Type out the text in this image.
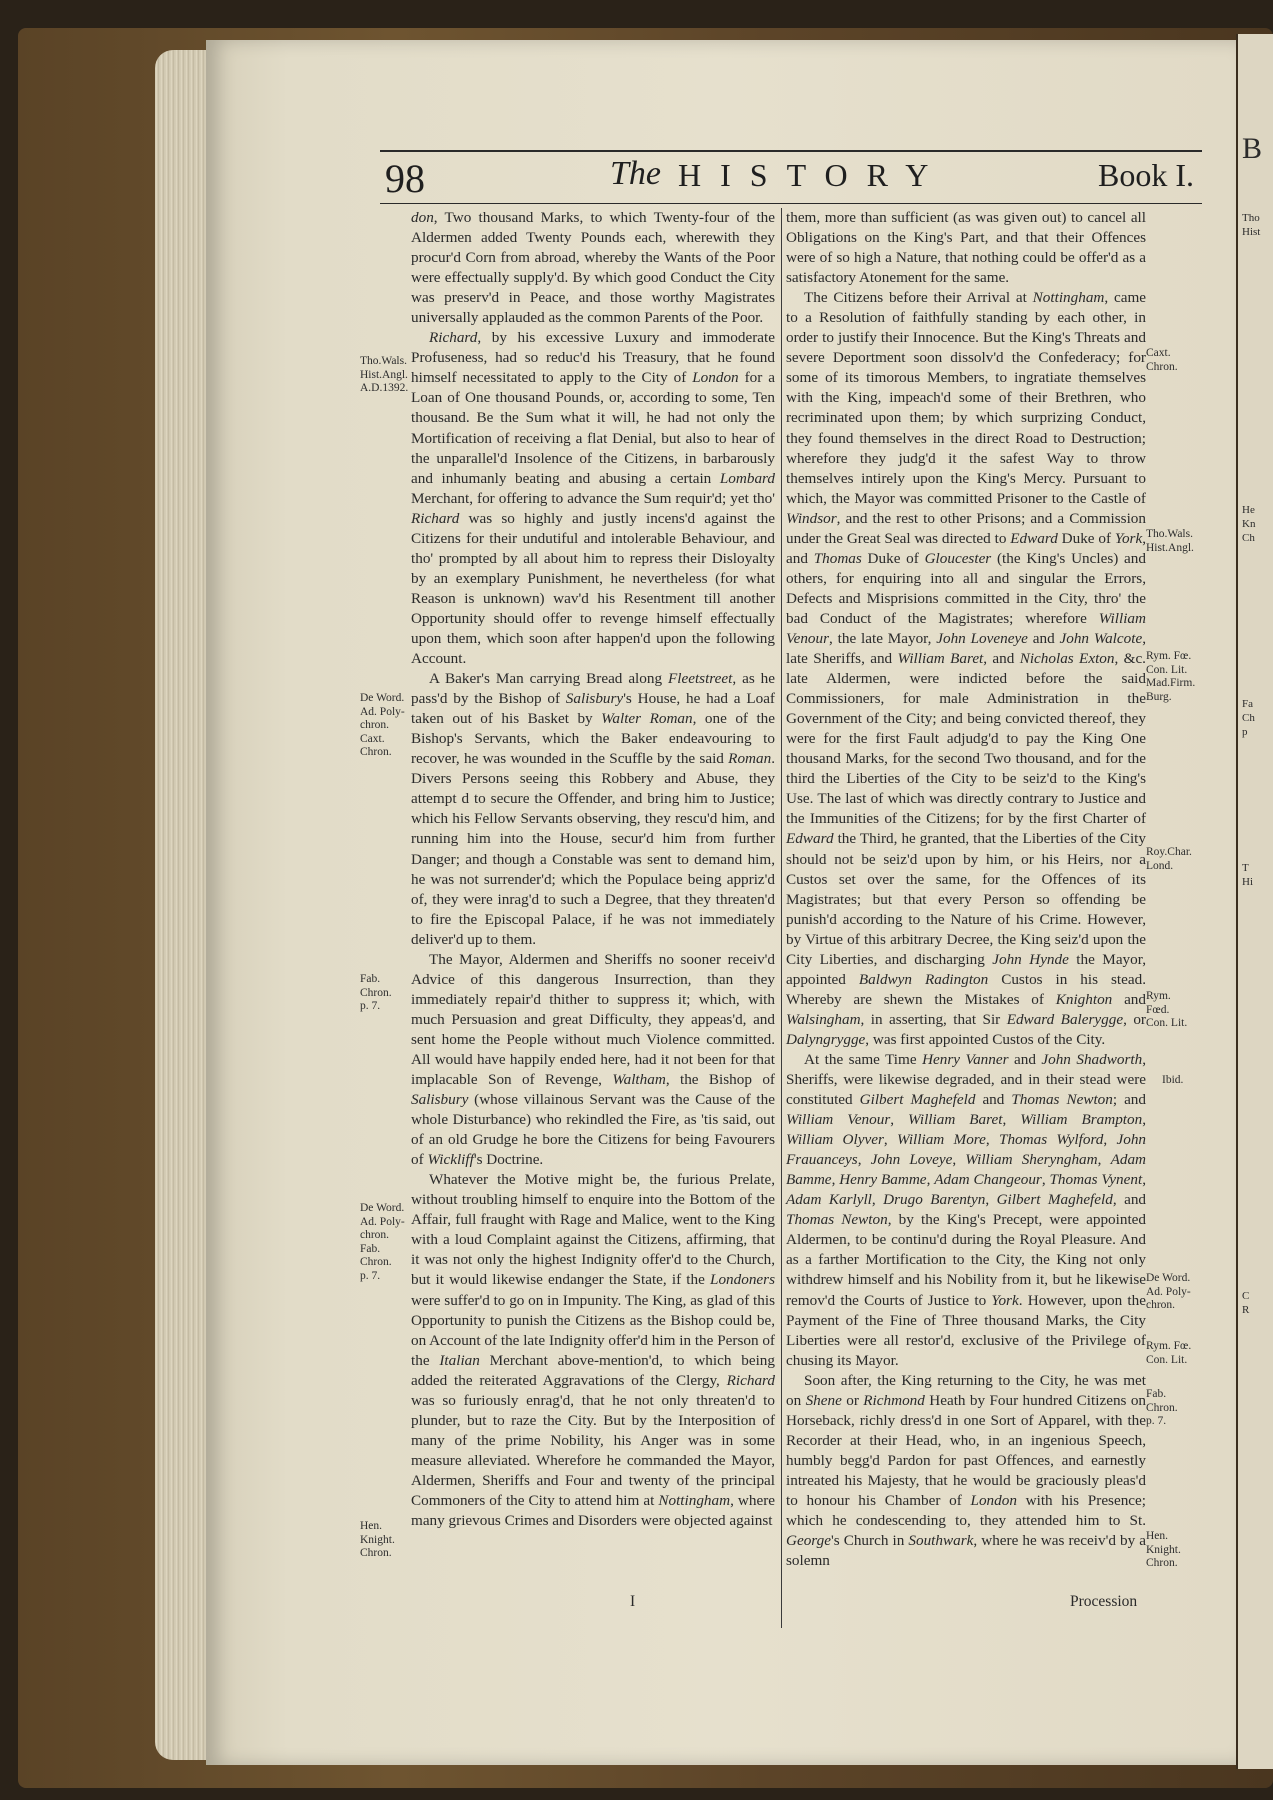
B
Tho
Hist
He
Kn
Ch
Fa
Ch
p
T
Hi
C
R
98	The HISTORY	Book I.

don, Two thousand Marks, to which Twenty-four of the Aldermen added Twenty Pounds each, wherewith they procur'd Corn from abroad, whereby the Wants of the Poor were effectually supply'd. By which good Conduct the City was preserv'd in Peace, and those worthy Magistrates universally applauded as the common Parents of the Poor.

Richard, by his excessive Luxury and immoderate Profuseness, had so reduc'd his Treasury, that he found himself necessitated to apply to the City of London for a Loan of One thousand Pounds, or, according to some, Ten thousand. Be the Sum what it will, he had not only the Mortification of receiving a flat Denial, but also to hear of the unparallel'd Insolence of the Citizens, in barbarously and inhumanly beating and abusing a certain Lombard Merchant, for offering to advance the Sum requir'd; yet tho' Richard was so highly and justly incens'd against the Citizens for their undutiful and intolerable Behaviour, and tho' prompted by all about him to repress their Disloyalty by an exemplary Punishment, he nevertheless (for what Reason is unknown) wav'd his Resentment till another Opportunity should offer to revenge himself effectually upon them, which soon after happen'd upon the following Account.

A Baker's Man carrying Bread along Fleetstreet, as he pass'd by the Bishop of Salisbury's House, he had a Loaf taken out of his Basket by Walter Roman, one of the Bishop's Servants, which the Baker endeavouring to recover, he was wounded in the Scuffle by the said Roman. Divers Persons seeing this Robbery and Abuse, they attempt d to secure the Offender, and bring him to Justice; which his Fellow Servants observing, they rescu'd him, and running him into the House, secur'd him from further Danger; and though a Constable was sent to demand him, he was not surrender'd; which the Populace being appriz'd of, they were inrag'd to such a Degree, that they threaten'd to fire the Episcopal Palace, if he was not immediately deliver'd up to them.

The Mayor, Aldermen and Sheriffs no sooner receiv'd Advice of this dangerous Insurrection, than they immediately repair'd thither to suppress it; which, with much Persuasion and great Difficulty, they appeas'd, and sent home the People without much Violence committed. All would have happily ended here, had it not been for that implacable Son of Revenge, Waltham, the Bishop of Salisbury (whose villainous Servant was the Cause of the whole Disturbance) who rekindled the Fire, as 'tis said, out of an old Grudge he bore the Citizens for being Favourers of Wickliff's Doctrine.

Whatever the Motive might be, the furious Prelate, without troubling himself to enquire into the Bottom of the Affair, full fraught with Rage and Malice, went to the King with a loud Complaint against the Citizens, affirming, that it was not only the highest Indignity offer'd to the Church, but it would likewise endanger the State, if the Londoners were suffer'd to go on in Impunity. The King, as glad of this Opportunity to punish the Citizens as the Bishop could be, on Account of the late Indignity offer'd him in the Person of the Italian Merchant above-mention'd, to which being added the reiterated Aggravations of the Clergy, Richard was so furiously enrag'd, that he not only threaten'd to plunder, but to raze the City. But by the Interposition of many of the prime Nobility, his Anger was in some measure alleviated. Wherefore he commanded the Mayor, Aldermen, Sheriffs and Four and twenty of the principal Commoners of the City to attend him at Nottingham, where many grievous Crimes and Disorders were objected against

them, more than sufficient (as was given out) to cancel all Obligations on the King's Part, and that their Offences were of so high a Nature, that nothing could be offer'd as a satisfactory Atonement for the same.

The Citizens before their Arrival at Nottingham, came to a Resolution of faithfully standing by each other, in order to justify their Innocence. But the King's Threats and severe Deportment soon dissolv'd the Confederacy; for some of its timorous Members, to ingratiate themselves with the King, impeach'd some of their Brethren, who recriminated upon them; by which surprizing Conduct, they found themselves in the direct Road to Destruction; wherefore they judg'd it the safest Way to throw themselves intirely upon the King's Mercy. Pursuant to which, the Mayor was committed Prisoner to the Castle of Windsor, and the rest to other Prisons; and a Commission under the Great Seal was directed to Edward Duke of York, and Thomas Duke of Gloucester (the King's Uncles) and others, for enquiring into all and singular the Errors, Defects and Misprisions committed in the City, thro' the bad Conduct of the Magistrates; wherefore William Venour, the late Mayor, John Loveneye and John Walcote, late Sheriffs, and William Baret, and Nicholas Exton, &c. late Aldermen, were indicted before the said Commissioners, for male Administration in the Government of the City; and being convicted thereof, they were for the first Fault adjudg'd to pay the King One thousand Marks, for the second Two thousand, and for the third the Liberties of the City to be seiz'd to the King's Use. The last of which was directly contrary to Justice and the Immunities of the Citizens; for by the first Charter of Edward the Third, he granted, that the Liberties of the City should not be seiz'd upon by him, or his Heirs, nor a Custos set over the same, for the Offences of its Magistrates; but that every Person so offending be punish'd according to the Nature of his Crime. However, by Virtue of this arbitrary Decree, the King seiz'd upon the City Liberties, and discharging John Hynde the Mayor, appointed Baldwyn Radington Custos in his stead. Whereby are shewn the Mistakes of Knighton and Walsingham, in asserting, that Sir Edward Balerygge, or Dalyngrygge, was first appointed Custos of the City.

At the same Time Henry Vanner and John Shadworth, Sheriffs, were likewise degraded, and in their stead were constituted Gilbert Maghefeld and Thomas Newton; and William Venour, William Baret, William Brampton, William Olyver, William More, Thomas Wylford, John Frauanceys, John Loveye, William Sheryngham, Adam Bamme, Henry Bamme, Adam Changeour, Thomas Vynent, Adam Karlyll, Drugo Barentyn, Gilbert Maghefeld, and Thomas Newton, by the King's Precept, were appointed Aldermen, to be continu'd during the Royal Pleasure. And as a farther Mortification to the City, the King not only withdrew himself and his Nobility from it, but he likewise remov'd the Courts of Justice to York. However, upon the Payment of the Fine of Three thousand Marks, the City Liberties were all restor'd, exclusive of the Privilege of chusing its Mayor.

Soon after, the King returning to the City, he was met on Shene or Richmond Heath by Four hundred Citizens on Horseback, richly dress'd in one Sort of Apparel, with the Recorder at their Head, who, in an ingenious Speech, humbly begg'd Pardon for past Offences, and earnestly intreated his Majesty, that he would be graciously pleas'd to honour his Chamber of London with his Presence; which he condescending to, they attended him to St. George's Church in Southwark, where he was receiv'd by a solemn

I	Procession
Tho.Wals.
Hist.Angl.
A.D.1392.
De Word.
Ad. Poly-
chron.
Caxt.
Chron.
Fab.
Chron.
p. 7.
De Word.
Ad. Poly-
chron.
Fab.
Chron.
p. 7.
Hen.
Knight.
Chron.
Caxt.
Chron.
Tho.Wals.
Hist.Angl.
Rym. Fœ.
Con. Lit.
Mad.Firm.
Burg.
Roy.Char.
Lond.
Rym.
Fœd.
Con. Lit.
Ibid.
De Word.
Ad. Poly-
chron.
Rym. Fœ.
Con. Lit.
Fab.
Chron.
p. 7.
Hen.
Knight.
Chron.
